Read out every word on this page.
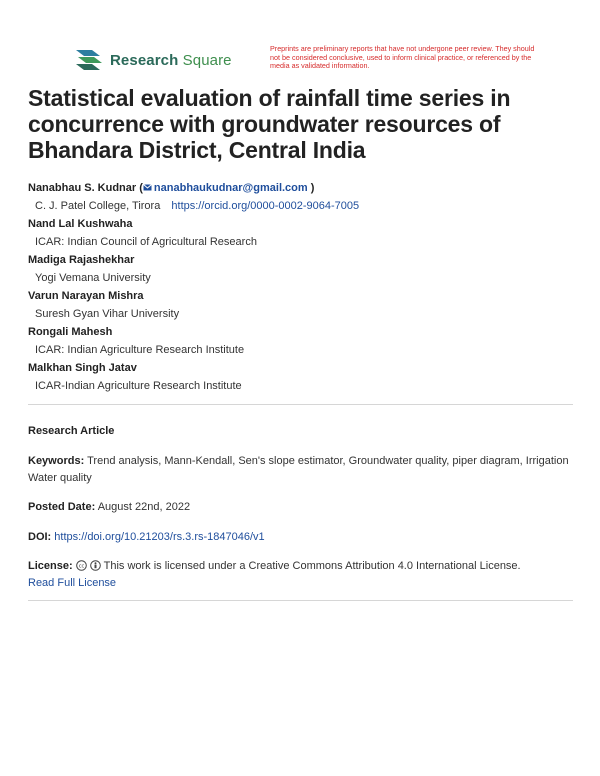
Research Square
Preprints are preliminary reports that have not undergone peer review. They should not be considered conclusive, used to inform clinical practice, or referenced by the media as validated information.
Statistical evaluation of rainfall time series in concurrence with groundwater resources of Bhandara District, Central India
Nanabhau S. Kudnar ( nanabhaukudnar@gmail.com )
C. J. Patel College, Tirora https://orcid.org/0000-0002-9064-7005
Nand Lal Kushwaha
ICAR: Indian Council of Agricultural Research
Madiga Rajashekhar
Yogi Vemana University
Varun Narayan Mishra
Suresh Gyan Vihar University
Rongali Mahesh
ICAR: Indian Agriculture Research Institute
Malkhan Singh Jatav
ICAR-Indian Agriculture Research Institute
Research Article
Keywords: Trend analysis, Mann-Kendall, Sen's slope estimator, Groundwater quality, piper diagram, Irrigation Water quality
Posted Date: August 22nd, 2022
DOI: https://doi.org/10.21203/rs.3.rs-1847046/v1
License: cc This work is licensed under a Creative Commons Attribution 4.0 International License.
Read Full License
